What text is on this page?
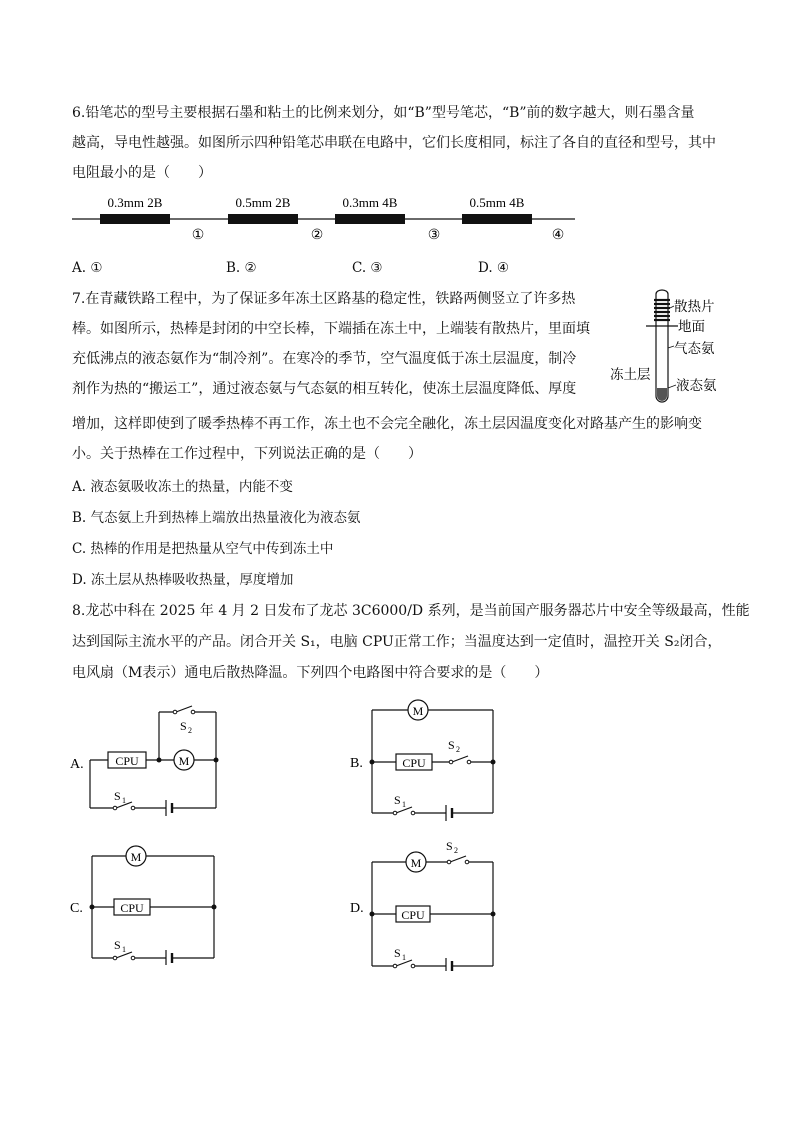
6.铅笔芯的型号主要根据石墨和粘土的比例来划分，如“B”型号笔芯，“B”前的数字越大，则石墨含量
越高，导电性越强。如图所示四种铅笔芯串联在电路中，它们长度相同，标注了各自的直径和型号，其中
电阻最小的是（　　）
0.3mm 2B	0.5mm 2B	0.3mm 4B	0.5mm 4B
①	②	③	④
A. ①	B. ②	C. ③	D. ④
7.在青藏铁路工程中，为了保证多年冻土区路基的稳定性，铁路两侧竖立了许多热
棒。如图所示，热棒是封闭的中空长棒，下端插在冻土中，上端装有散热片，里面填
充低沸点的液态氨作为“制冷剂”。在寒冷的季节，空气温度低于冻土层温度，制冷
剂作为热的“搬运工”，通过液态氨与气态氨的相互转化，使冻土层温度降低、厚度
增加，这样即使到了暖季热棒不再工作，冻土也不会完全融化，冻土层因温度变化对路基产生的影响变
小。关于热棒在工作过程中，下列说法正确的是（　　）
散热片
地面
气态氨
冻土层
液态氨
A. 液态氨吸收冻土的热量，内能不变
B. 气态氨上升到热棒上端放出热量液化为液态氨
C. 热棒的作用是把热量从空气中传到冻土中
D. 冻土层从热棒吸收热量，厚度增加
8.龙芯中科在 2025 年 4 月 2 日发布了龙芯 3C6000/D 系列，是当前国产服务器芯片中安全等级最高，性能
达到国际主流水平的产品。闭合开关 S₁，电脑 CPU正常工作；当温度达到一定值时，温控开关 S₂闭合，
电风扇（M表示）通电后散热降温。下列四个电路图中符合要求的是（　　）
A.	CPU	M
S 2
S 1
B.	CPU
M
S 2
S 1
C.	CPU
M
S 1
D.	CPU
M
S 2
S 1
